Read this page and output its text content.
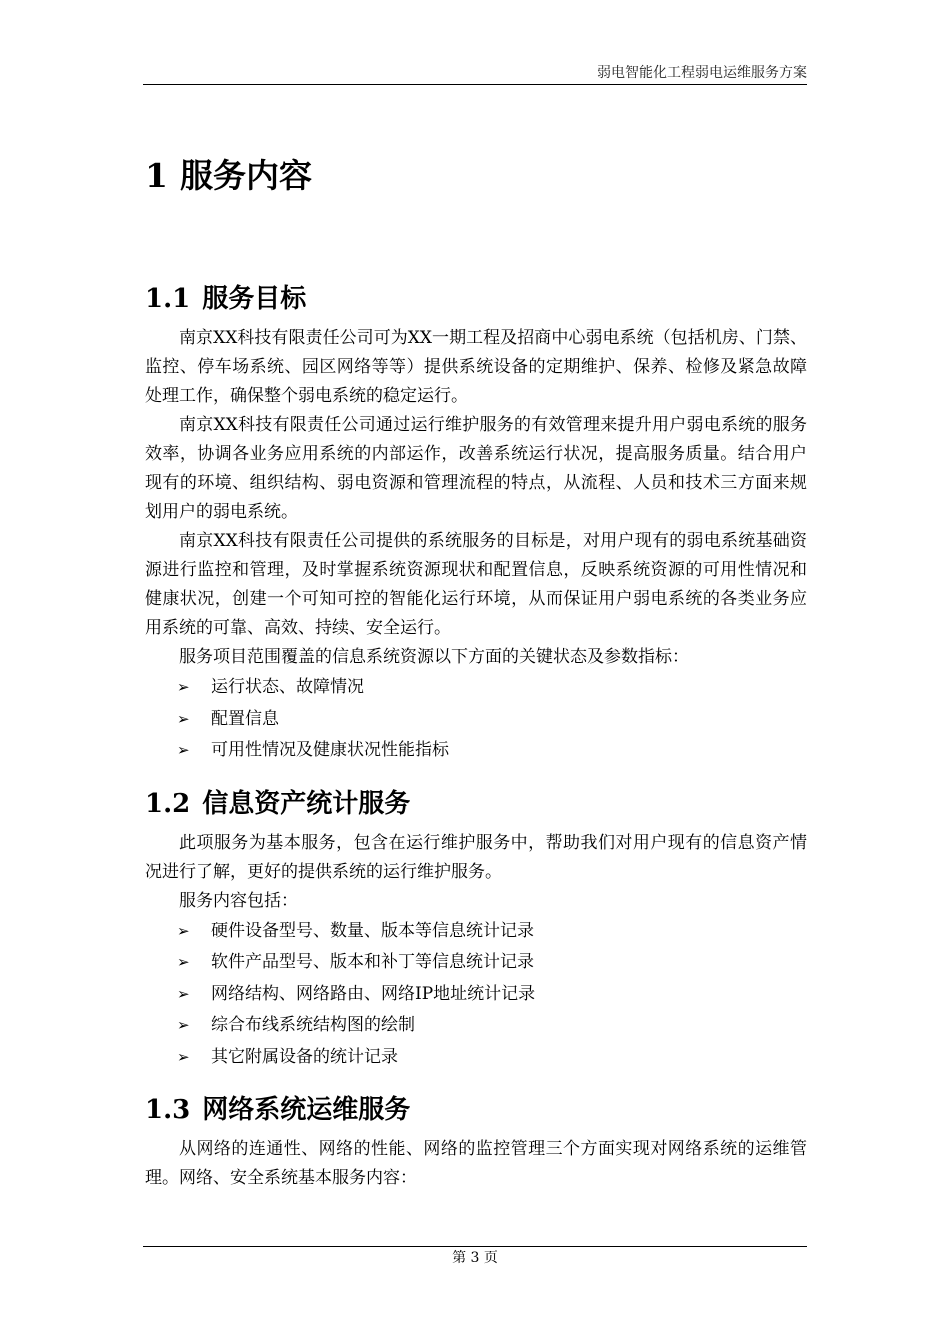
弱电智能化工程弱电运维服务方案
1 服务内容
1.1 服务目标

南京XX科技有限责任公司可为XX一期工程及招商中心弱电系统（包括机房、门禁、监控、停车场系统、园区网络等等）提供系统设备的定期维护、保养、检修及紧急故障处理工作，确保整个弱电系统的稳定运行。

南京XX科技有限责任公司通过运行维护服务的有效管理来提升用户弱电系统的服务效率，协调各业务应用系统的内部运作，改善系统运行状况，提高服务质量。结合用户现有的环境、组织结构、弱电资源和管理流程的特点，从流程、人员和技术三方面来规划用户的弱电系统。

南京XX科技有限责任公司提供的系统服务的目标是，对用户现有的弱电系统基础资源进行监控和管理，及时掌握系统资源现状和配置信息，反映系统资源的可用性情况和健康状况，创建一个可知可控的智能化运行环境，从而保证用户弱电系统的各类业务应用系统的可靠、高效、持续、安全运行。

服务项目范围覆盖的信息系统资源以下方面的关键状态及参数指标：

➢ 运行状态、故障情况
➢ 配置信息
➢ 可用性情况及健康状况性能指标
1.2 信息资产统计服务

此项服务为基本服务，包含在运行维护服务中，帮助我们对用户现有的信息资产情况进行了解，更好的提供系统的运行维护服务。

服务内容包括：

➢ 硬件设备型号、数量、版本等信息统计记录
➢ 软件产品型号、版本和补丁等信息统计记录
➢ 网络结构、网络路由、网络IP地址统计记录
➢ 综合布线系统结构图的绘制
➢ 其它附属设备的统计记录
1.3 网络系统运维服务

从网络的连通性、网络的性能、网络的监控管理三个方面实现对网络系统的运维管理。网络、安全系统基本服务内容：

第 3 页
